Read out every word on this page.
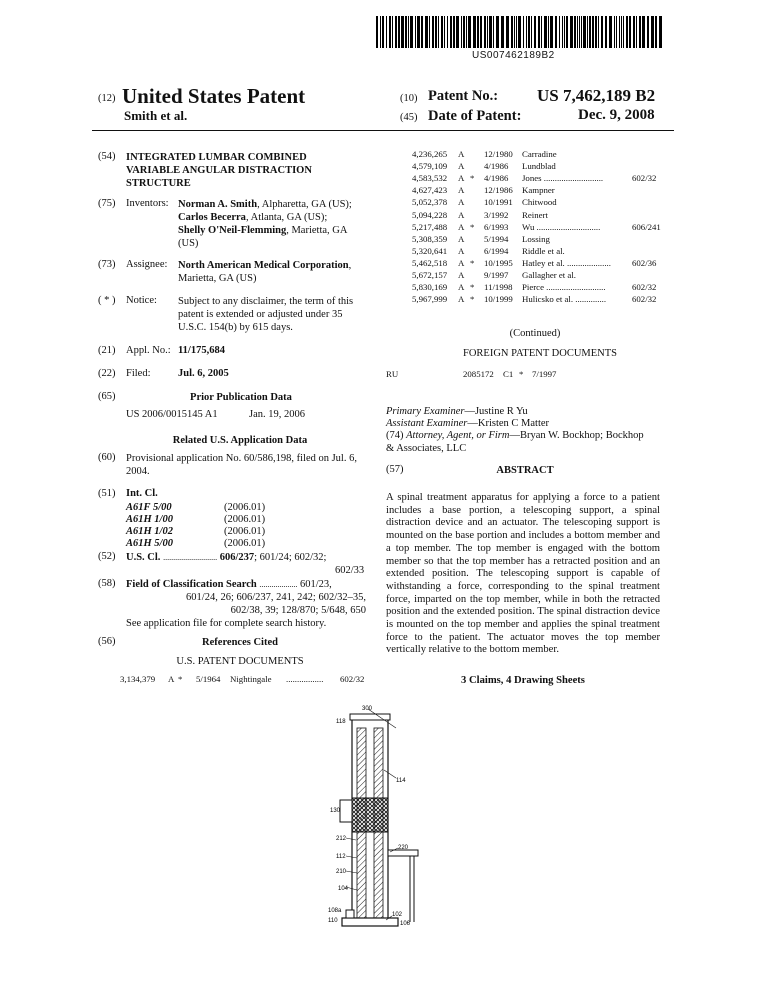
US007462189B2
(12) United States Patent
Smith et al.
(10) Patent No.: US 7,462,189 B2
(45) Date of Patent:	Dec. 9, 2008
(54) INTEGRATED LUMBAR COMBINED
VARIABLE ANGULAR DISTRACTION
STRUCTURE
(75) Inventors: Norman A. Smith, Alpharetta, GA (US);
Carlos Becerra, Atlanta, GA (US);
Shelly O'Neil-Flemming, Marietta, GA
(US)
(73) Assignee: North American Medical Corporation,
Marietta, GA (US)
( * ) Notice: Subject to any disclaimer, the term of this
patent is extended or adjusted under 35
U.S.C. 154(b) by 615 days.
(21) Appl. No.: 11/175,684
(22) Filed:	Jul. 6, 2005
(65)	Prior Publication Data
US 2006/0015145 A1	Jan. 19, 2006
Related U.S. Application Data
(60) Provisional application No. 60/586,198, filed on Jul. 6,
2004.
(51) Int. Cl.
A61F 5/00	(2006.01)
A61H 1/00	(2006.01)
A61H 1/02	(2006.01)
A61H 5/00	(2006.01)
(52) U.S. Cl. ........................... 606/237; 601/24; 602/32;
602/33
(58) Field of Classification Search ................... 601/23,
601/24, 26; 606/237, 241, 242; 602/32–35,
602/38, 39; 128/870; 5/648, 650
See application file for complete search history.
(56)	References Cited
U.S. PATENT DOCUMENTS
3,134,379 A * 5/1964 Nightingale ................. 602/32
4,236,265 A 12/1980 Carradine
4,579,109 A 4/1986 Lundblad
4,583,532 A * 4/1986 Jones ...........................	602/32
4,627,423 A 12/1986 Kampner
5,052,378 A 10/1991 Chitwood
5,094,228 A 3/1992 Reinert
5,217,488 A * 6/1993 Wu .............................	606/241
5,308,359 A 5/1994 Lossing
5,320,641 A 6/1994 Riddle et al.
5,462,518 A * 10/1995 Hatley et al. .................... 602/36
5,672,157 A 9/1997 Gallagher et al.
5,830,169 A * 11/1998 Pierce ...........................	602/32
5,967,999 A * 10/1999 Hulicsko et al. ..............	602/32
(Continued)
FOREIGN PATENT DOCUMENTS
RU	2085172 C1 * 7/1997
Primary Examiner—Justine R Yu
Assistant Examiner—Kristen C Matter
(74) Attorney, Agent, or Firm—Bryan W. Bockhop; Bockhop
& Associates, LLC
(57)	ABSTRACT
A spinal treatment apparatus for applying a force to a patient includes a base portion, a telescoping support, a spinal distraction device and an actuator. The telescoping support is mounted on the base portion and includes a bottom member and a top member. The top member is engaged with the bottom member so that the top member has a retracted position and an extended position. The telescoping support is capable of withstanding a force, corresponding to the spinal treatment force, imparted on the top member, while in both the retracted position and the extended position. The spinal distraction device is mounted on the top member and applies the spinal treatment force to the patient. The actuator moves the top member vertically relative to the bottom member.
3 Claims, 4 Drawing Sheets
300
118
114
130
212
112
210
220
104
108a
110
102
106
